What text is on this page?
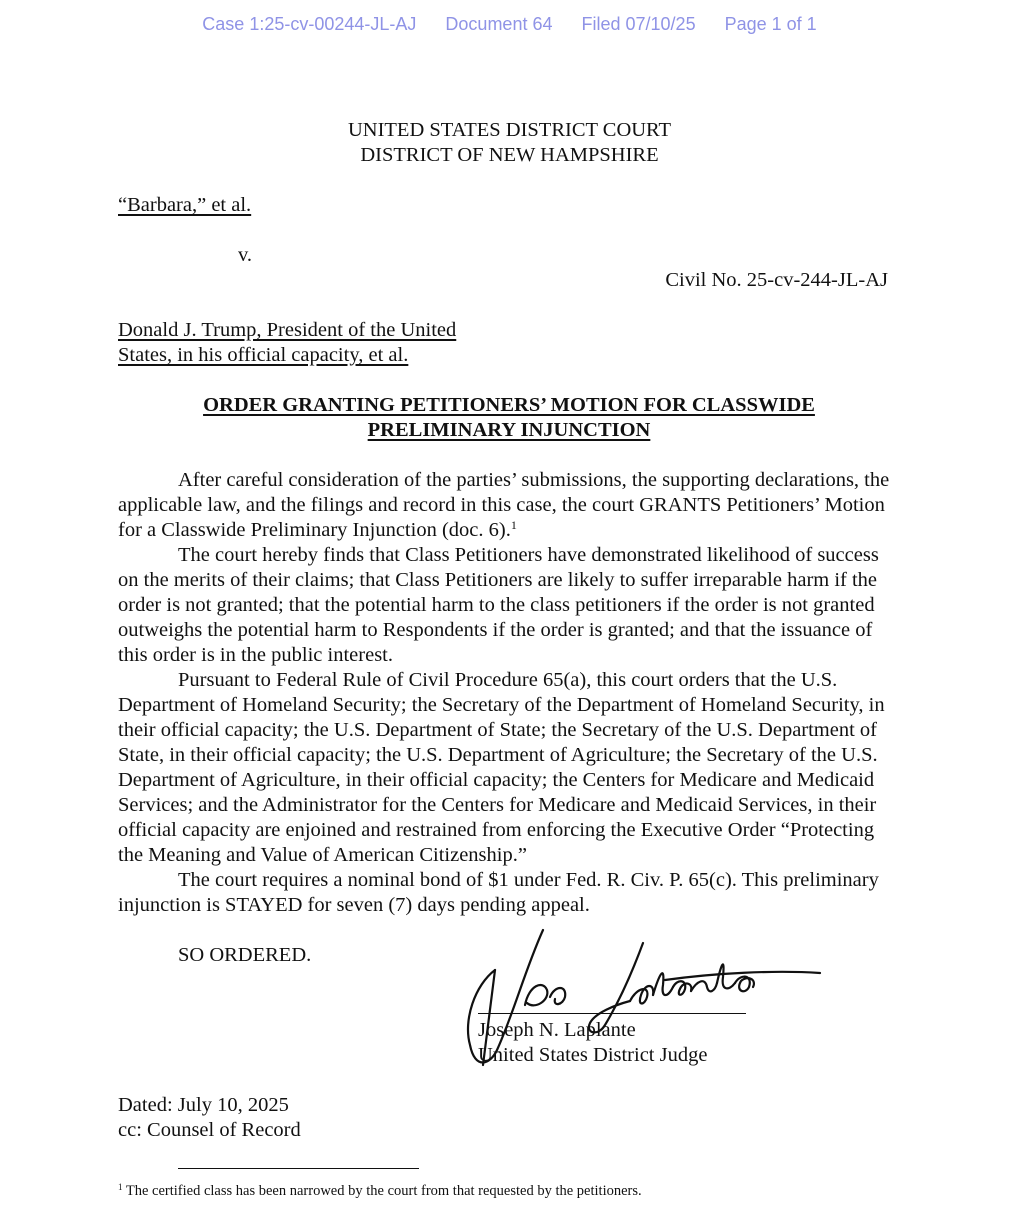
Case 1:25-cv-00244-JL-AJ Document 64 Filed 07/10/25 Page 1 of 1
UNITED STATES DISTRICT COURT
DISTRICT OF NEW HAMPSHIRE
“Barbara,” et al.
v.
Civil No. 25-cv-244-JL-AJ
Donald J. Trump, President of the United
States, in his official capacity, et al.
ORDER GRANTING PETITIONERS’ MOTION FOR CLASSWIDE
PRELIMINARY INJUNCTION

After careful consideration of the parties’ submissions, the supporting declarations, the applicable law, and the filings and record in this case, the court GRANTS Petitioners’ Motion for a Classwide Preliminary Injunction (doc. 6).$^1$

The court hereby finds that Class Petitioners have demonstrated likelihood of success on the merits of their claims; that Class Petitioners are likely to suffer irreparable harm if the order is not granted; that the potential harm to the class petitioners if the order is not granted outweighs the potential harm to Respondents if the order is granted; and that the issuance of this order is in the public interest.

Pursuant to Federal Rule of Civil Procedure 65(a), this court orders that the U.S. Department of Homeland Security; the Secretary of the Department of Homeland Security, in their official capacity; the U.S. Department of State; the Secretary of the U.S. Department of State, in their official capacity; the U.S. Department of Agriculture; the Secretary of the U.S. Department of Agriculture, in their official capacity; the Centers for Medicare and Medicaid Services; and the Administrator for the Centers for Medicare and Medicaid Services, in their official capacity are enjoined and restrained from enforcing the Executive Order “Protecting the Meaning and Value of American Citizenship.”

The court requires a nominal bond of $1 under Fed. R. Civ. P. 65(c). This preliminary injunction is STAYED for seven (7) days pending appeal.

SO ORDERED.
Joseph N. Laplante
United States District Judge
Dated: July 10, 2025
cc: Counsel of Record
$^1$ The certified class has been narrowed by the court from that requested by the petitioners.
